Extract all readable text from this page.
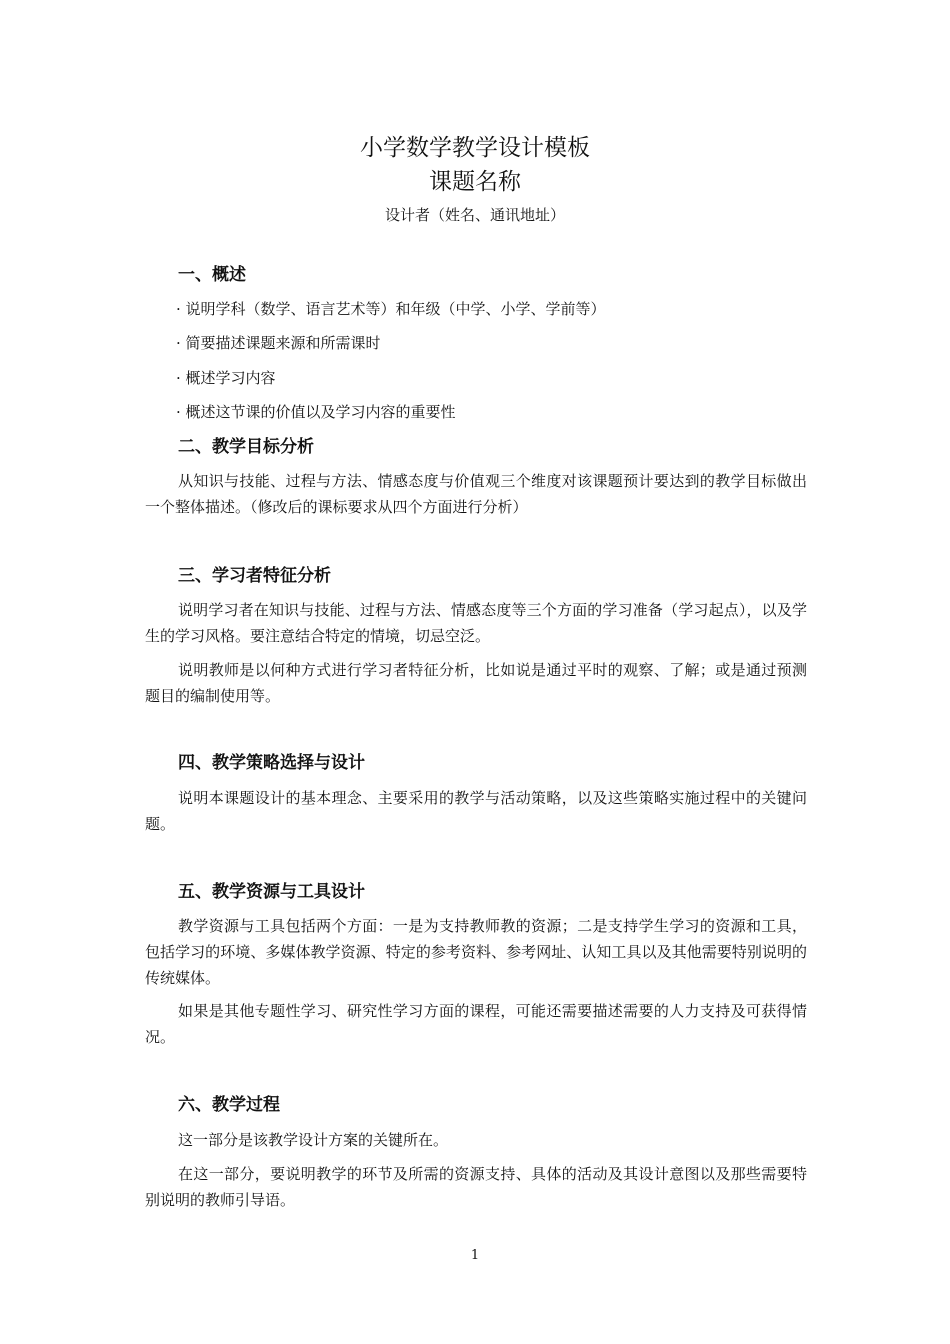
小学数学教学设计模板
课题名称
设计者（姓名、通讯地址）
一、概述
· 说明学科（数学、语言艺术等）和年级（中学、小学、学前等）
· 简要描述课题来源和所需课时
· 概述学习内容
· 概述这节课的价值以及学习内容的重要性
二、教学目标分析
从知识与技能、过程与方法、情感态度与价值观三个维度对该课题预计要达到的教学目标做出一个整体描述。（修改后的课标要求从四个方面进行分析）
三、学习者特征分析
说明学习者在知识与技能、过程与方法、情感态度等三个方面的学习准备（学习起点），以及学生的学习风格。要注意结合特定的情境，切忌空泛。
说明教师是以何种方式进行学习者特征分析，比如说是通过平时的观察、了解；或是通过预测题目的编制使用等。
四、教学策略选择与设计
说明本课题设计的基本理念、主要采用的教学与活动策略，以及这些策略实施过程中的关键问题。
五、教学资源与工具设计
教学资源与工具包括两个方面：一是为支持教师教的资源；二是支持学生学习的资源和工具，包括学习的环境、多媒体教学资源、特定的参考资料、参考网址、认知工具以及其他需要特别说明的传统媒体。
如果是其他专题性学习、研究性学习方面的课程，可能还需要描述需要的人力支持及可获得情况。
六、教学过程
这一部分是该教学设计方案的关键所在。
在这一部分，要说明教学的环节及所需的资源支持、具体的活动及其设计意图以及那些需要特别说明的教师引导语。
1
